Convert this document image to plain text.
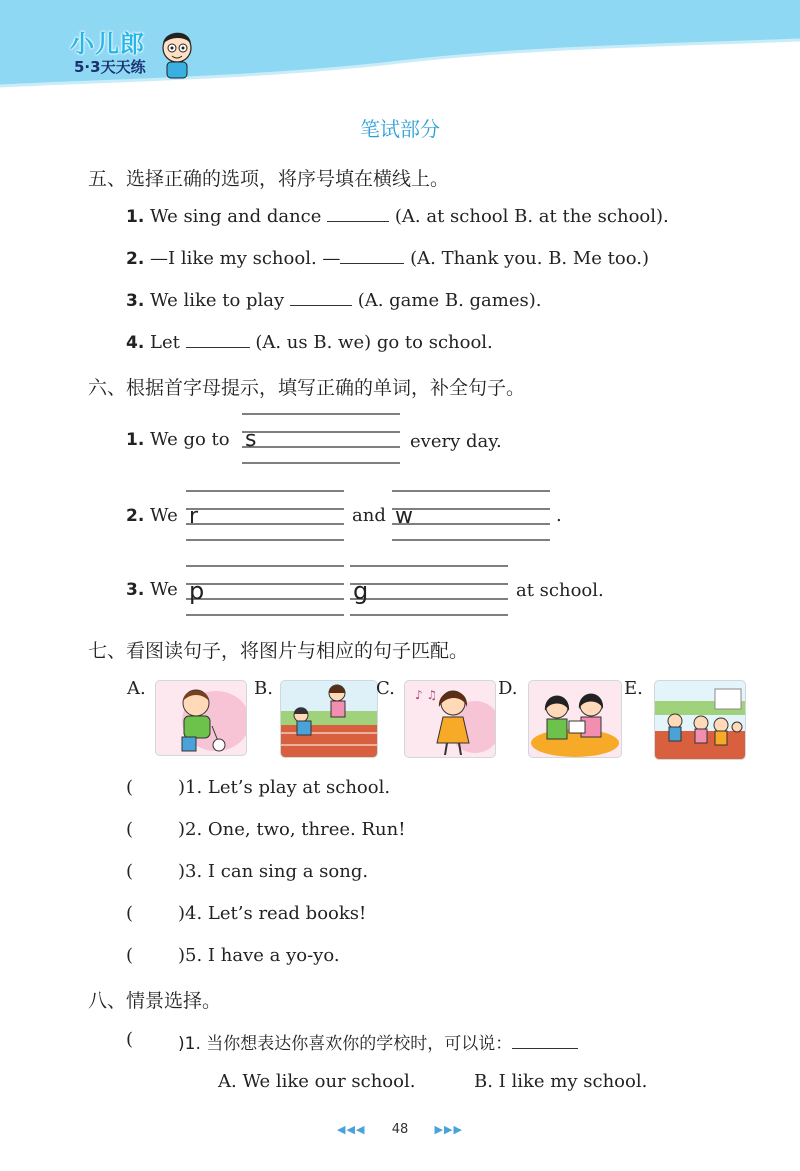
小儿郎
5·3天天练
笔试部分
五、选择正确的选项，将序号填在横线上。
1. We sing and dance	(A. at school B. at the school).
2. —I like my school. —	(A. Thank you. B. Me too.)
3. We like to play	(A. game B. games).
4. Let	(A. us B. we) go to school.
六、根据首字母提示，填写正确的单词，补全句子。
1. We go to s	every day.
2. We r	and w	.
3. We p	g	at school.
七、看图读句子，将图片与相应的句子匹配。
A.	B.	C. ♪ ♫	D.	E.
( )1. Let’s play at school.
( )2. One, two, three. Run!
( )3. I can sing a song.
( )4. Let’s read books!
( )5. I have a yo-yo.
八、情景选择。
(	)1. 当你想表达你喜欢你的学校时，可以说：
A. We like our school.	B. I like my school.
◀◀◀ 48 ▶▶▶
